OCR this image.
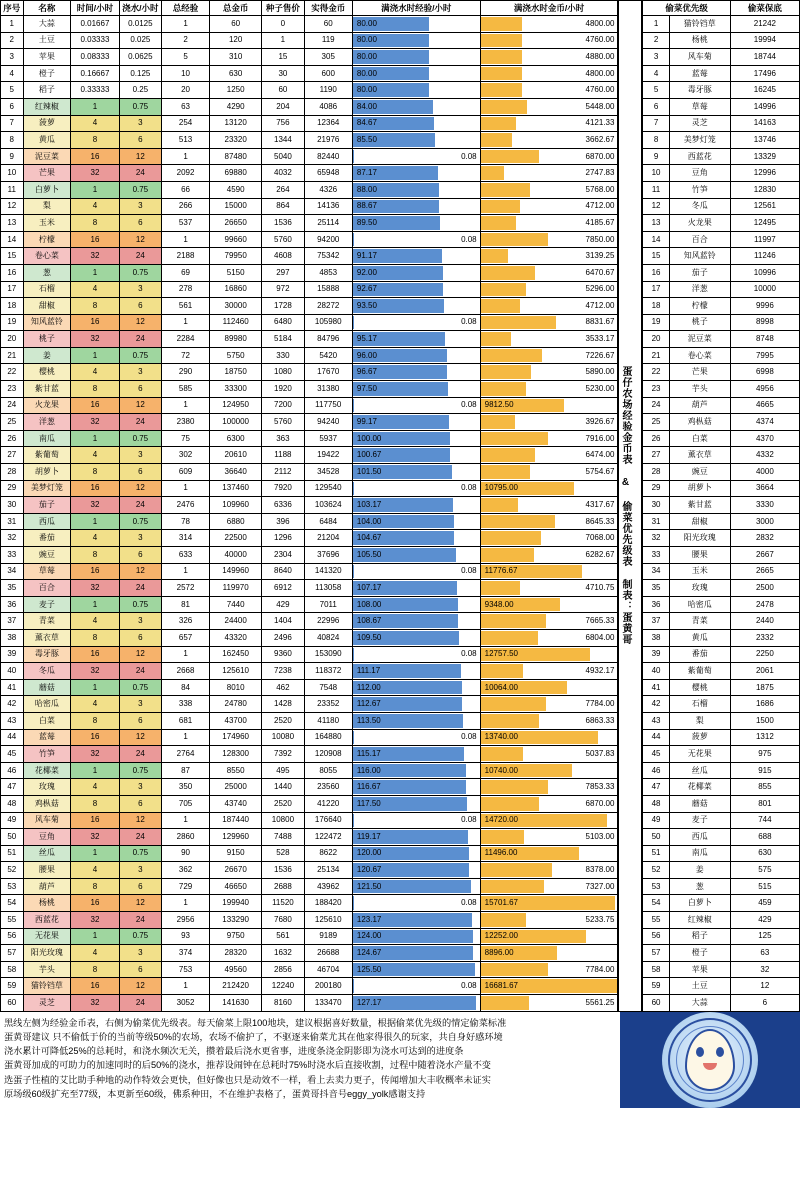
序号	名称	时间/小时	浇水/小时	总经验	总金币	种子售价	实得金币	满浇水时经验/小时	满浇水时金币/小时
1	大蒜	0.01667	0.0125	1	60	0	60	80.00	4800.00

2	土豆	0.03333	0.025	2	120	1	119	80.00	4760.00

3	苹果	0.08333	0.0625	5	310	15	305	80.00	4880.00

4	橙子	0.16667	0.125	10	630	30	600	80.00	4800.00

5	稻子	0.33333	0.25	20	1250	60	1190	80.00	4760.00

6	红辣椒	1	0.75	63	4290	204	4086	84.00	5448.00

7	菠萝	4	3	254	13120	756	12364	84.67	4121.33

8	黄瓜	8	6	513	23320	1344	21976	85.50	3662.67

9	泥豆菜	16	12	1	87480	5040	82440	0.08	6870.00

10	芒果	32	24	2092	69880	4032	65948	87.17	2747.83

11	白萝卜	1	0.75	66	4590	264	4326	88.00	5768.00

12	梨	4	3	266	15000	864	14136	88.67	4712.00

13	玉米	8	6	537	26650	1536	25114	89.50	4185.67

14	柠檬	16	12	1	99660	5760	94200	0.08	7850.00

15	卷心菜	32	24	2188	79950	4608	75342	91.17	3139.25

16	葱	1	0.75	69	5150	297	4853	92.00	6470.67

17	石榴	4	3	278	16860	972	15888	92.67	5296.00

18	甜椒	8	6	561	30000	1728	28272	93.50	4712.00

19	知风蓝铃	16	12	1	112460	6480	105980	0.08	8831.67

20	桃子	32	24	2284	89980	5184	84796	95.17	3533.17

21	姜	1	0.75	72	5750	330	5420	96.00	7226.67

22	樱桃	4	3	290	18750	1080	17670	96.67	5890.00

23	紫甘蓝	8	6	585	33300	1920	31380	97.50	5230.00

24	火龙果	16	12	1	124950	7200	117750	0.08	9812.50

25	洋葱	32	24	2380	100000	5760	94240	99.17	3926.67

26	南瓜	1	0.75	75	6300	363	5937	100.00	7916.00

27	紫葡萄	4	3	302	20610	1188	19422	100.67	6474.00

28	胡萝卜	8	6	609	36640	2112	34528	101.50	5754.67

29	美梦灯笼	16	12	1	137460	7920	129540	0.08	10795.00

30	茄子	32	24	2476	109960	6336	103624	103.17	4317.67

31	西瓜	1	0.75	78	6880	396	6484	104.00	8645.33

32	番茄	4	3	314	22500	1296	21204	104.67	7068.00

33	豌豆	8	6	633	40000	2304	37696	105.50	6282.67

34	草莓	16	12	1	149960	8640	141320	0.08	11776.67

35	百合	32	24	2572	119970	6912	113058	107.17	4710.75

36	麦子	1	0.75	81	7440	429	7011	108.00	9348.00

37	青菜	4	3	326	24400	1404	22996	108.67	7665.33

38	薰衣草	8	6	657	43320	2496	40824	109.50	6804.00

39	毒牙豚	16	12	1	162450	9360	153090	0.08	12757.50

40	冬瓜	32	24	2668	125610	7238	118372	111.17	4932.17

41	蘑菇	1	0.75	84	8010	462	7548	112.00	10064.00

42	哈密瓜	4	3	338	24780	1428	23352	112.67	7784.00

43	白菜	8	6	681	43700	2520	41180	113.50	6863.33

44	蓝莓	16	12	1	174960	10080	164880	0.08	13740.00

45	竹笋	32	24	2764	128300	7392	120908	115.17	5037.83

46	花椰菜	1	0.75	87	8550	495	8055	116.00	10740.00

47	玫瑰	4	3	350	25000	1440	23560	116.67	7853.33

48	鸡枞菇	8	6	705	43740	2520	41220	117.50	6870.00

49	风车菊	16	12	1	187440	10800	176640	0.08	14720.00

50	豆角	32	24	2860	129960	7488	122472	119.17	5103.00

51	丝瓜	1	0.75	90	9150	528	8622	120.00	11496.00

52	腰果	4	3	362	26670	1536	25134	120.67	8378.00

53	葫芦	8	6	729	46650	2688	43962	121.50	7327.00

54	杨桃	16	12	1	199940	11520	188420	0.08	15701.67

55	西蓝花	32	24	2956	133290	7680	125610	123.17	5233.75

56	无花果	1	0.75	93	9750	561	9189	124.00	12252.00

57	阳光玫瑰	4	3	374	28320	1632	26688	124.67	8896.00

58	芋头	8	6	753	49560	2856	46704	125.50	7784.00

59	猫铃铛草	16	12	1	212420	12240	200180	0.08	16681.67

60	灵芝	32	24	3052	141630	8160	133470	127.17	5561.25
蛋仔农场经验金币表 & 偷菜优先级表 制表：蛋黄哥
偷菜优先级		偷菜保底
1	猫铃铛草	21242
2	杨桃	19994
3	风车菊	18744
4	蓝莓	17496
5	毒牙豚	16245
6	草莓	14996
7	灵芝	14163
8	美梦灯笼	13746
9	西蓝花	13329
10	豆角	12996
11	竹笋	12830
12	冬瓜	12561
13	火龙果	12495
14	百合	11997
15	知风蓝铃	11246
16	茄子	10996
17	洋葱	10000
18	柠檬	9996
19	桃子	8998
20	泥豆菜	8748
21	卷心菜	7995
22	芒果	6998
23	芋头	4956
24	葫芦	4665
25	鸡枞菇	4374
26	白菜	4370
27	薰衣草	4332
28	豌豆	4000
29	胡萝卜	3664
30	紫甘蓝	3330
31	甜椒	3000
32	阳光玫瑰	2832
33	腰果	2667
34	玉米	2665
35	玫瑰	2500
36	哈密瓜	2478
37	青菜	2440
38	黄瓜	2332
39	番茄	2250
40	紫葡萄	2061
41	樱桃	1875
42	石榴	1686
43	梨	1500
44	菠萝	1312
45	无花果	975
46	丝瓜	915
47	花椰菜	855
48	蘑菇	801
49	麦子	744
50	西瓜	688
51	南瓜	630
52	姜	575
53	葱	515
54	白萝卜	459
55	红辣椒	429
56	稻子	125
57	橙子	63
58	苹果	32
59	土豆	12
60	大蒜	6

黑线左侧为经验金币表，右侧为偷菜优先级表。每天偷菜上限100地块，建议根据喜好数量，根据偷菜优先级的情定偷菜标准

蛋黄哥建议 只不偷低于价的当前等级50%的农场，农场不偷护了，不驱逐来偷菜尤其在他家得很久的玩家，共自身好感环境

浇水累计可降低25%的总耗时，和浇水频次无关，攒着最后浇水更省事，进度条浇金阴影即为浇水可达到的进度条

蛋黄哥加成的可助力的加速同时的后50%的浇水，推荐设闹钟在总耗时75%时浇水后直接收割，过程中随着浇水产量不变

选蛋子性植的艾比助手种地的动作特效会更快，但好像也只是动效不一样，看上去卖力更子，传闻增加大丰收概率未证实

原场级60级扩充至77级，本更新至60级，佛系种田，不在维护表格了，蛋黄哥抖音号eggy_yolk感谢支持
